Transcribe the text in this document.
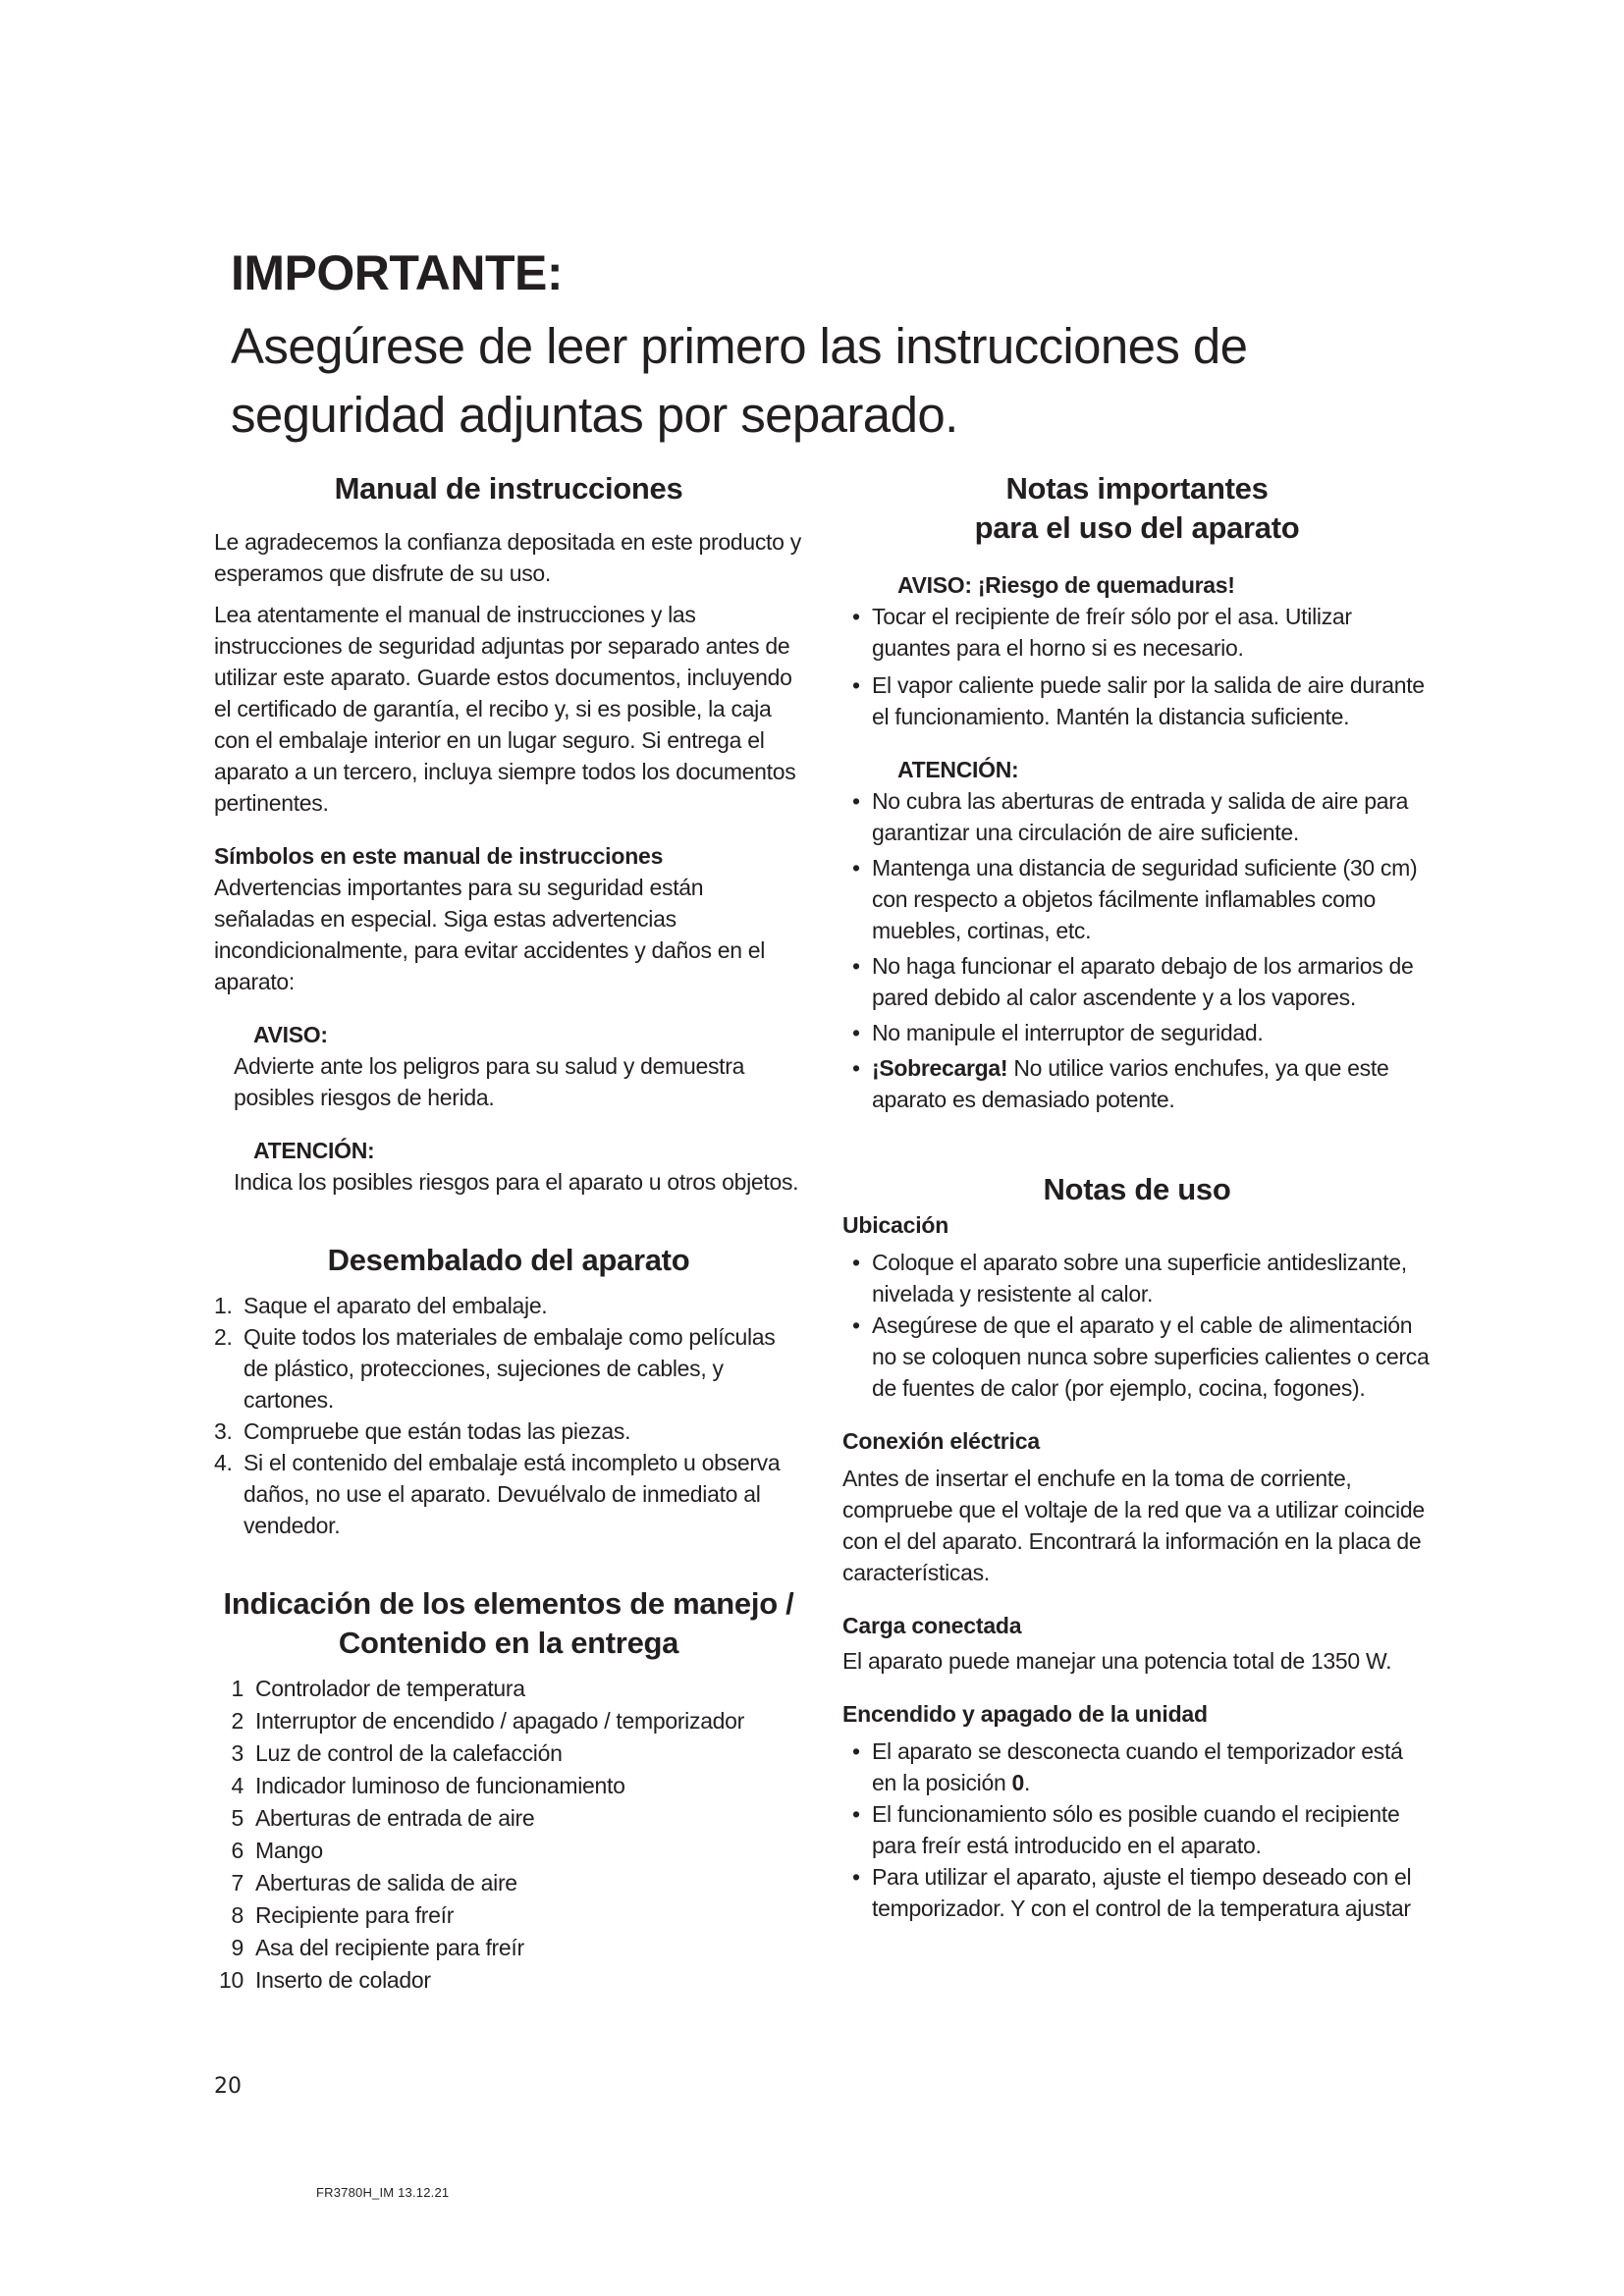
IMPORTANTE:

Asegúrese de leer primero las instrucciones de seguridad adjuntas por separado.

Manual de instrucciones

Le agradecemos la confianza depositada en este producto y esperamos que disfrute de su uso.

Lea atentamente el manual de instrucciones y las instrucciones de seguridad adjuntas por separado antes de utilizar este aparato. Guarde estos documentos, incluyendo el certificado de garantía, el recibo y, si es posible, la caja con el embalaje interior en un lugar seguro. Si entrega el aparato a un tercero, incluya siempre todos los documentos pertinentes.

Símbolos en este manual de instrucciones

Advertencias importantes para su seguridad están señaladas en especial. Siga estas advertencias incondicionalmente, para evitar accidentes y daños en el aparato:

AVISO:

Advierte ante los peligros para su salud y demuestra posibles riesgos de herida.

ATENCIÓN:

Indica los posibles riesgos para el aparato u otros objetos.

Desembalado del aparato
1. Saque el aparato del embalaje.
2. Quite todos los materiales de embalaje como películas de plástico, protecciones, sujeciones de cables, y cartones.
3. Compruebe que están todas las piezas.
4. Si el contenido del embalaje está incompleto u observa daños, no use el aparato. Devuélvalo de inmediato al vendedor.
Indicación de los elementos de manejo / Contenido en la entrega
1 Controlador de temperatura
2 Interruptor de encendido / apagado / temporizador
3 Luz de control de la calefacción
4 Indicador luminoso de funcionamiento
5 Aberturas de entrada de aire
6 Mango
7 Aberturas de salida de aire
8 Recipiente para freír
9 Asa del recipiente para freír
10 Inserto de colador
Notas importantes
para el uso del aparato

AVISO: ¡Riesgo de quemaduras!

• Tocar el recipiente de freír sólo por el asa. Utilizar guantes para el horno si es necesario.
• El vapor caliente puede salir por la salida de aire durante el funcionamiento. Mantén la distancia suficiente.

ATENCIÓN:

• No cubra las aberturas de entrada y salida de aire para garantizar una circulación de aire suficiente.
• Mantenga una distancia de seguridad suficiente (30 cm) con respecto a objetos fácilmente inflamables como muebles, cortinas, etc.
• No haga funcionar el aparato debajo de los armarios de pared debido al calor ascendente y a los vapores.
• No manipule el interruptor de seguridad.
• ¡Sobrecarga! No utilice varios enchufes, ya que este aparato es demasiado potente.
Notas de uso
Ubicación
• Coloque el aparato sobre una superficie antideslizante, nivelada y resistente al calor.
• Asegúrese de que el aparato y el cable de alimentación no se coloquen nunca sobre superficies calientes o cerca de fuentes de calor (por ejemplo, cocina, fogones).
Conexión eléctrica

Antes de insertar el enchufe en la toma de corriente, compruebe que el voltaje de la red que va a utilizar coincide con el del aparato. Encontrará la información en la placa de características.

Carga conectada

El aparato puede manejar una potencia total de 1350 W.

Encendido y apagado de la unidad
• El aparato se desconecta cuando el temporizador está en la posición 0.
• El funcionamiento sólo es posible cuando el recipiente para freír está introducido en el aparato.
• Para utilizar el aparato, ajuste el tiempo deseado con el temporizador. Y con el control de la temperatura ajustar
20
FR3780H_IM 13.12.21
